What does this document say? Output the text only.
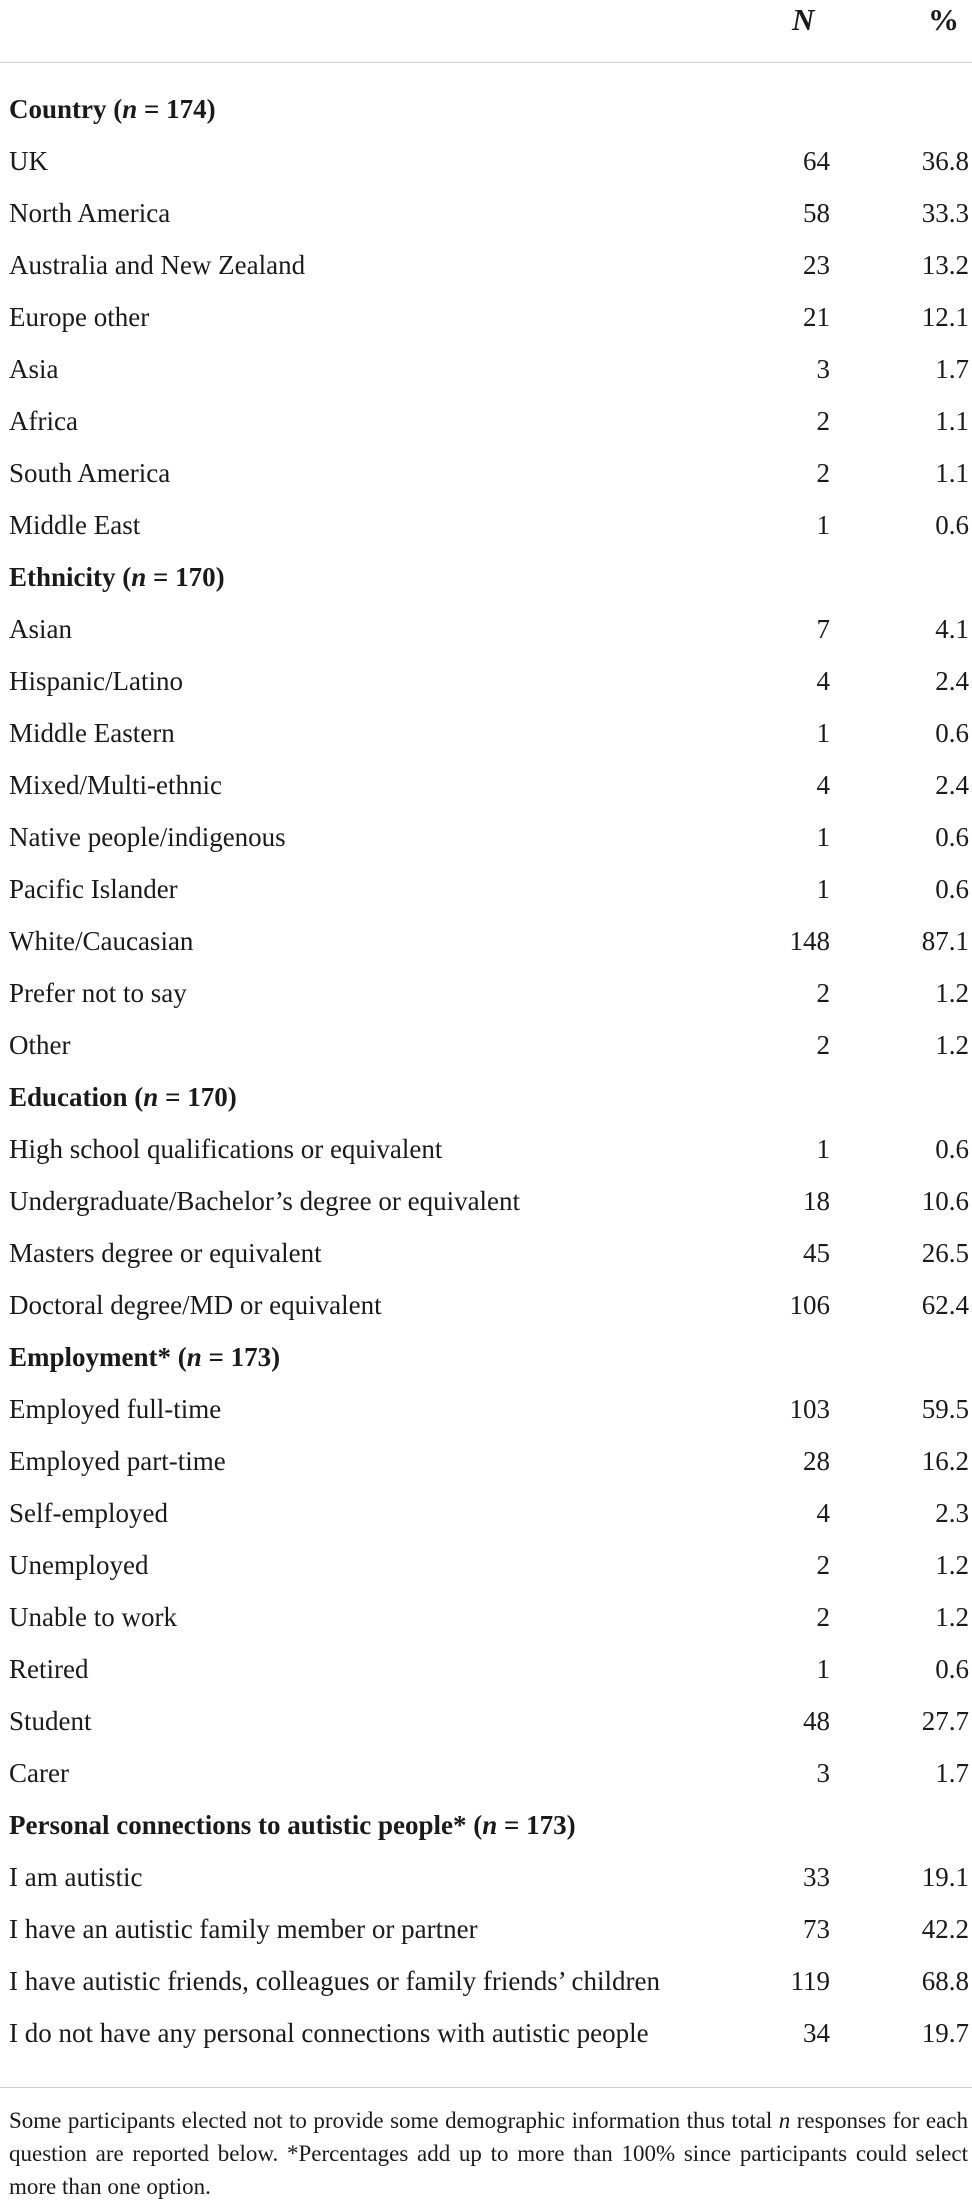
N	%
Country (n = 174)
UK	64	36.8
North America	58	33.3
Australia and New Zealand	23	13.2
Europe other	21	12.1
Asia	3	1.7
Africa	2	1.1
South America	2	1.1
Middle East	1	0.6
Ethnicity (n = 170)
Asian	7	4.1
Hispanic/Latino	4	2.4
Middle Eastern	1	0.6
Mixed/Multi-ethnic	4	2.4
Native people/indigenous	1	0.6
Pacific Islander	1	0.6
White/Caucasian	148	87.1
Prefer not to say	2	1.2
Other	2	1.2
Education (n = 170)
High school qualifications or equivalent	1	0.6
Undergraduate/Bachelor’s degree or equivalent	18	10.6
Masters degree or equivalent	45	26.5
Doctoral degree/MD or equivalent	106	62.4
Employment* (n = 173)
Employed full-time	103	59.5
Employed part-time	28	16.2
Self-employed	4	2.3
Unemployed	2	1.2
Unable to work	2	1.2
Retired	1	0.6
Student	48	27.7
Carer	3	1.7
Personal connections to autistic people* (n = 173)
I am autistic	33	19.1
I have an autistic family member or partner	73	42.2
I have autistic friends, colleagues or family friends’ children	119	68.8
I do not have any personal connections with autistic people	34	19.7
Some participants elected not to provide some demographic information thus total n responses for each question are reported below. *Percentages add up to more than 100% since participants could select more than one option.
